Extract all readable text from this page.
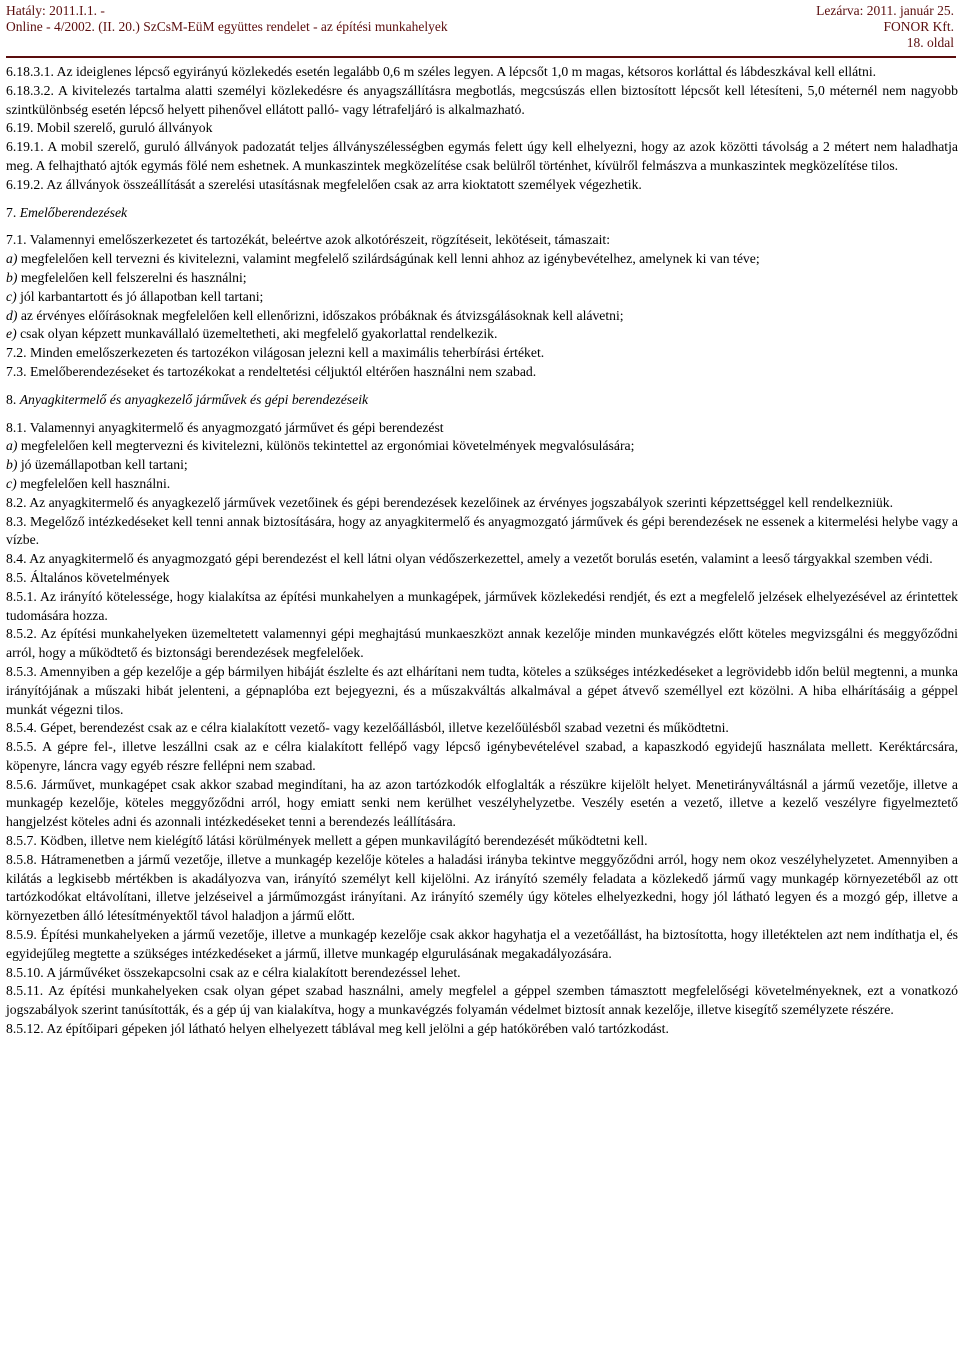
Hatály: 2011.I.1. -
Online - 4/2002. (II. 20.) SzCsM-EüM együttes rendelet - az építési munkahelyek
Lezárva: 2011. január 25.
FONOR Kft.
18. oldal
6.18.3.1. Az ideiglenes lépcső egyirányú közlekedés esetén legalább 0,6 m széles legyen. A lépcsőt 1,0 m magas, kétsoros korláttal és lábdeszkával kell ellátni.
6.18.3.2. A kivitelezés tartalma alatti személyi közlekedésre és anyagszállításra megbotlás, megcsúszás ellen biztosított lépcsőt kell létesíteni, 5,0 méternél nem nagyobb szintkülönbség esetén lépcső helyett pihenővel ellátott palló- vagy létrafeljáró is alkalmazható.
6.19. Mobil szerelő, guruló állványok
6.19.1. A mobil szerelő, guruló állványok padozatát teljes állványszélességben egymás felett úgy kell elhelyezni, hogy az azok közötti távolság a 2 métert nem haladhatja meg. A felhajtható ajtók egymás fölé nem eshetnek. A munkaszintek megközelítése csak belülről történhet, kívülről felmászva a munkaszintek megközelítése tilos.
6.19.2. Az állványok összeállítását a szerelési utasításnak megfelelően csak az arra kioktatott személyek végezhetik.
7. Emelőberendezések
7.1. Valamennyi emelőszerkezetet és tartozékát, beleértve azok alkotórészeit, rögzítéseit, lekötéseit, támaszait:
a) megfelelően kell tervezni és kivitelezni, valamint megfelelő szilárdságúnak kell lenni ahhoz az igénybevételhez, amelynek ki van téve;
b) megfelelően kell felszerelni és használni;
c) jól karbantartott és jó állapotban kell tartani;
d) az érvényes előírásoknak megfelelően kell ellenőrizni, időszakos próbáknak és átvizsgálásoknak kell alávetni;
e) csak olyan képzett munkavállaló üzemeltetheti, aki megfelelő gyakorlattal rendelkezik.
7.2. Minden emelőszerkezeten és tartozékon világosan jelezni kell a maximális teherbírási értéket.
7.3. Emelőberendezéseket és tartozékokat a rendeltetési céljuktól eltérően használni nem szabad.
8. Anyagkitermelő és anyagkezelő járművek és gépi berendezéseik
8.1. Valamennyi anyagkitermelő és anyagmozgató járművet és gépi berendezést
a) megfelelően kell megtervezni és kivitelezni, különös tekintettel az ergonómiai követelmények megvalósulására;
b) jó üzemállapotban kell tartani;
c) megfelelően kell használni.
8.2. Az anyagkitermelő és anyagkezelő járművek vezetőinek és gépi berendezések kezelőinek az érvényes jogszabályok szerinti képzettséggel kell rendelkezniük.
8.3. Megelőző intézkedéseket kell tenni annak biztosítására, hogy az anyagkitermelő és anyagmozgató járművek és gépi berendezések ne essenek a kitermelési helybe vagy a vízbe.
8.4. Az anyagkitermelő és anyagmozgató gépi berendezést el kell látni olyan védőszerkezettel, amely a vezetőt borulás esetén, valamint a leeső tárgyakkal szemben védi.
8.5. Általános követelmények
8.5.1. Az irányító kötelessége, hogy kialakítsa az építési munkahelyen a munkagépek, járművek közlekedési rendjét, és ezt a megfelelő jelzések elhelyezésével az érintettek tudomására hozza.
8.5.2. Az építési munkahelyeken üzemeltetett valamennyi gépi meghajtású munkaeszközt annak kezelője minden munkavégzés előtt köteles megvizsgálni és meggyőződni arról, hogy a működtető és biztonsági berendezések megfelelőek.
8.5.3. Amennyiben a gép kezelője a gép bármilyen hibáját észlelte és azt elhárítani nem tudta, köteles a szükséges intézkedéseket a legrövidebb időn belül megtenni, a munka irányítójának a műszaki hibát jelenteni, a gépnaplóba ezt bejegyezni, és a műszakváltás alkalmával a gépet átvevő személlyel ezt közölni. A hiba elhárításáig a géppel munkát végezni tilos.
8.5.4. Gépet, berendezést csak az e célra kialakított vezető- vagy kezelőállásból, illetve kezelőülésből szabad vezetni és működtetni.
8.5.5. A gépre fel-, illetve leszállni csak az e célra kialakított fellépő vagy lépcső igénybevételével szabad, a kapaszkodó egyidejű használata mellett. Keréktárcsára, köpenyre, láncra vagy egyéb részre fellépni nem szabad.
8.5.6. Járművet, munkagépet csak akkor szabad megindítani, ha az azon tartózkodók elfoglalták a részükre kijelölt helyet. Menetirányváltásnál a jármű vezetője, illetve a munkagép kezelője, köteles meggyőződni arról, hogy emiatt senki nem kerülhet veszélyhelyzetbe. Veszély esetén a vezető, illetve a kezelő veszélyre figyelmeztető hangjelzést köteles adni és azonnali intézkedéseket tenni a berendezés leállítására.
8.5.7. Ködben, illetve nem kielégítő látási körülmények mellett a gépen munkavilágító berendezését működtetni kell.
8.5.8. Hátramenetben a jármű vezetője, illetve a munkagép kezelője köteles a haladási irányba tekintve meggyőződni arról, hogy nem okoz veszélyhelyzetet. Amennyiben a kilátás a legkisebb mértékben is akadályozva van, irányító személyt kell kijelölni. Az irányító személy feladata a közlekedő jármű vagy munkagép környezetéből az ott tartózkodókat eltávolítani, illetve jelzéseivel a járműmozgást irányítani. Az irányító személy úgy köteles elhelyezkedni, hogy jól látható legyen és a mozgó gép, illetve a környezetben álló létesítményektől távol haladjon a jármű előtt.
8.5.9. Építési munkahelyeken a jármű vezetője, illetve a munkagép kezelője csak akkor hagyhatja el a vezetőállást, ha biztosította, hogy illetéktelen azt nem indíthatja el, és egyidejűleg megtette a szükséges intézkedéseket a jármű, illetve munkagép elgurulásának megakadályozására.
8.5.10. A járművéket összekapcsolni csak az e célra kialakított berendezéssel lehet.
8.5.11. Az építési munkahelyeken csak olyan gépet szabad használni, amely megfelel a géppel szemben támasztott megfelelőségi követelményeknek, ezt a vonatkozó jogszabályok szerint tanúsították, és a gép új van kialakítva, hogy a munkavégzés folyamán védelmet biztosít annak kezelője, illetve kisegítő személyzete részére.
8.5.12. Az építőipari gépeken jól látható helyen elhelyezett táblával meg kell jelölni a gép hatókörében való tartózkodást.
